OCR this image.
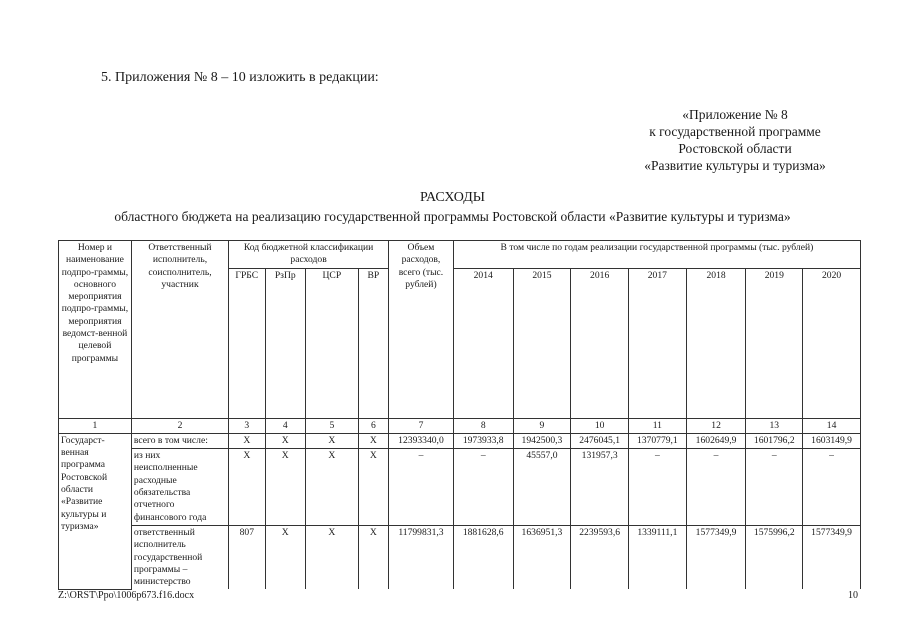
5. Приложения № 8 – 10 изложить в редакции:
«Приложение № 8
к государственной программе
Ростовской области
«Развитие культуры и туризма»
РАСХОДЫ
областного бюджета на реализацию государственной программы Ростовской области «Развитие культуры и туризма»
Номер и наименование подпро-граммы, основного мероприятия подпро-граммы, мероприятия ведомст-венной целевой программы	Ответственный исполнитель, соисполнитель, участник	Код бюджетной классификации расходов				Объем расходов, всего (тыс. рублей)	В том числе по годам реализации государственной программы (тыс. рублей)						
		ГРБС	РзПр	ЦСР	ВР		2014	2015	2016	2017	2018	2019	2020
1	2	3	4	5	6	7	8	9	10	11	12	13	14
Государст-венная программа Ростовской области «Развитие культуры и туризма»	всего в том числе:	Х	Х	Х	Х	12393340,0	1973933,8	1942500,3	2476045,1	1370779,1	1602649,9	1601796,2	1603149,9
	из них неисполненные расходные обязательства отчетного финансового года	Х	Х	Х	Х	–	–	45557,0	131957,3	–	–	–	–
	ответственный исполнитель государственной программы – министерство	807	Х	Х	Х	11799831,3	1881628,6	1636951,3	2239593,6	1339111,1	1577349,9	1575996,2	1577349,9
Z:\ORST\Ppo\1006p673.f16.docx	10
